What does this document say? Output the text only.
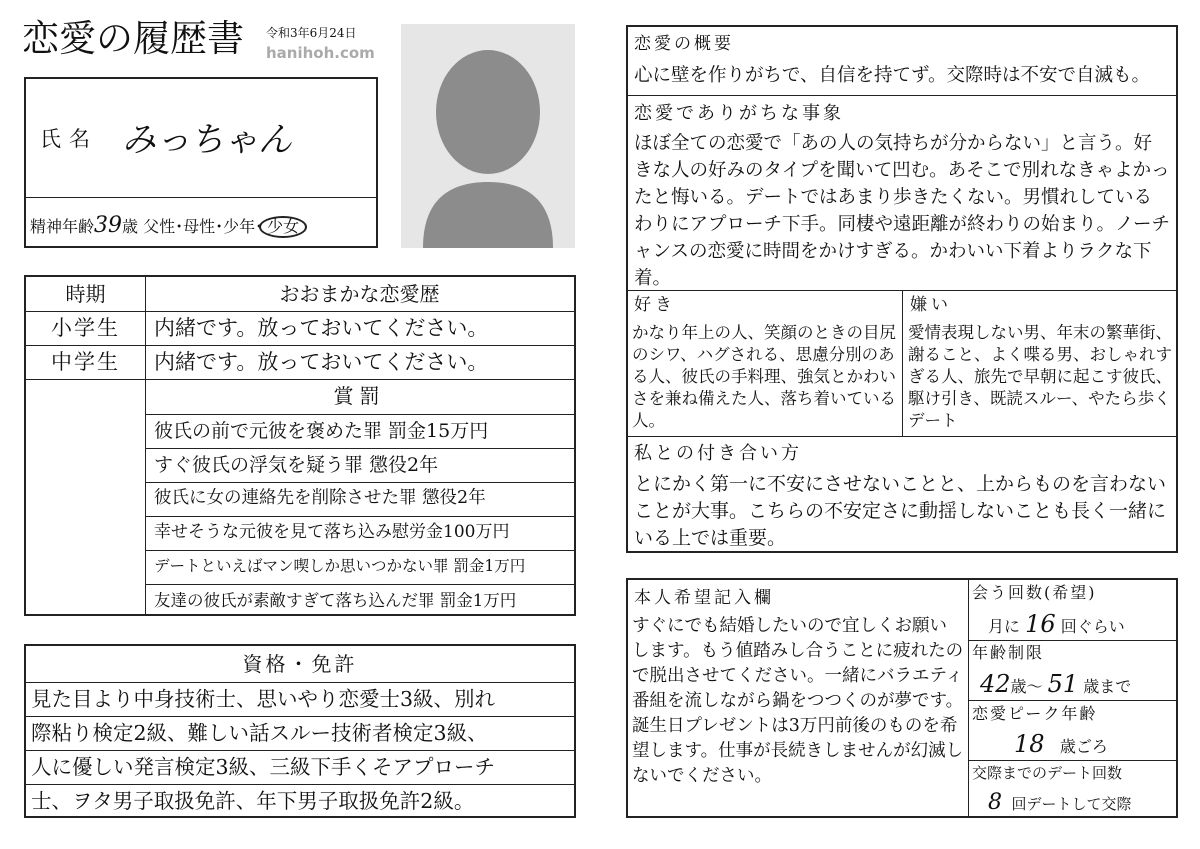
恋愛の履歴書 令和3年6月24日
hanihoh.com
氏名 みっちゃん
精神年齢39歳 父性･母性･少年･ 少女
時期	おおまかな恋愛歴
小学生	内緒です。放っておいてください。
中学生	内緒です。放っておいてください。
賞罰
彼氏の前で元彼を褒めた罪 罰金15万円
すぐ彼氏の浮気を疑う罪 懲役2年
彼氏に女の連絡先を削除させた罪 懲役2年
幸せそうな元彼を見て落ち込み慰労金100万円
デートといえばマン喫しか思いつかない罪 罰金1万円
友達の彼氏が素敵すぎて落ち込んだ罪 罰金1万円
資格・免許
見た目より中身技術士、思いやり恋愛士3級、別れ
際粘り検定2級、難しい話スルー技術者検定3級、
人に優しい発言検定3級、三級下手くそアプローチ
士、ヲタ男子取扱免許、年下男子取扱免許2級。
恋愛の概要
心に壁を作りがちで、自信を持てず。交際時は不安で自滅も。
恋愛でありがちな事象
ほぼ全ての恋愛で「あの人の気持ちが分からない」と言う。好きな人の好みのタイプを聞いて凹む。あそこで別れなきゃよかったと悔いる。デートではあまり歩きたくない。男慣れしているわりにアプローチ下手。同棲や遠距離が終わりの始まり。ノーチャンスの恋愛に時間をかけすぎる。かわいい下着よりラクな下着。
好き
かなり年上の人、笑顔のときの目尻のシワ、ハグされる、思慮分別のある人、彼氏の手料理、強気とかわいさを兼ね備えた人、落ち着いている人。
嫌い
愛情表現しない男、年末の繁華街、謝ること、よく喋る男、おしゃれすぎる人、旅先で早朝に起こす彼氏、駆け引き、既読スルー、やたら歩くデート
私との付き合い方
とにかく第一に不安にさせないことと、上からものを言わないことが大事。こちらの不安定さに動揺しないことも長く一緒にいる上では重要。
本人希望記入欄
すぐにでも結婚したいので宜しくお願いします。もう値踏みし合うことに疲れたので脱出させてください。一緒にバラエティ番組を流しながら鍋をつつくのが夢です。誕生日プレゼントは3万円前後のものを希望します。仕事が長続きしませんが幻滅しないでください。
会う回数(希望)
月に 16 回ぐらい
年齢制限
42歳〜 51 歳まで
恋愛ピーク年齢
18 歳ごろ
交際までのデート回数
8 回デートして交際
